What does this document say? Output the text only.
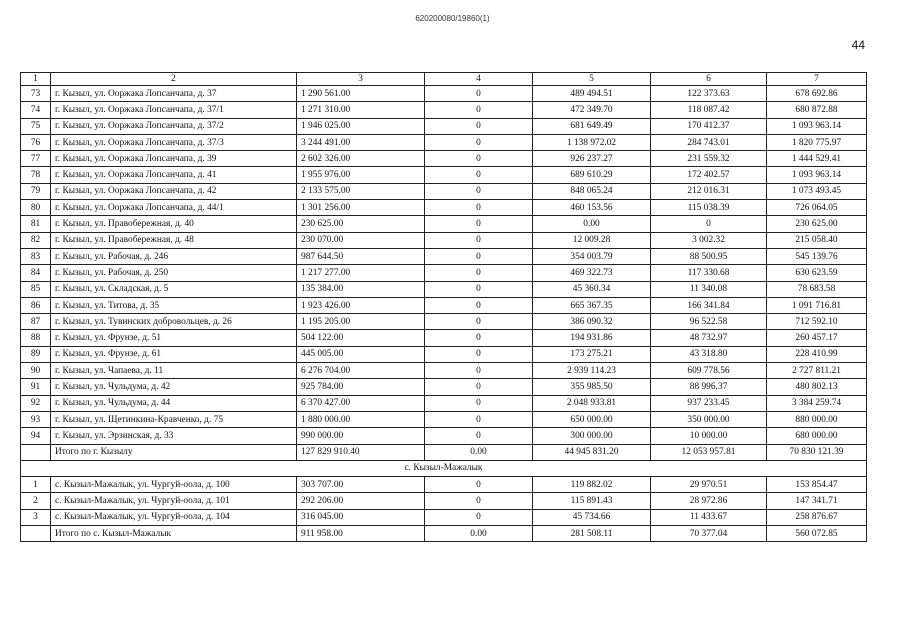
620200080/19860(1)
44
1	2	3	4	5	6	7
73	г. Кызыл, ул. Ооржака Лопсанчапа, д. 37	1 290 561.00	0	489 494.51	122 373.63	678 692.86
74	г. Кызыл, ул. Ооржака Лопсанчапа, д. 37/1	1 271 310.00	0	472 349.70	118 087.42	680 872.88
75	г. Кызыл, ул. Ооржака Лопсанчапа, д. 37/2	1 946 025.00	0	681 649.49	170 412.37	1 093 963.14
76	г. Кызыл, ул. Ооржака Лопсанчапа, д. 37/3	3 244 491.00	0	1 138 972.02	284 743.01	1 820 775.97
77	г. Кызыл, ул. Ооржака Лопсанчапа, д. 39	2 602 326.00	0	926 237.27	231 559.32	1 444 529.41
78	г. Кызыл, ул. Ооржака Лопсанчапа, д. 41	1 955 976.00	0	689 610.29	172 402.57	1 093 963.14
79	г. Кызыл, ул. Ооржака Лопсанчапа, д. 42	2 133 575.00	0	848 065.24	212 016.31	1 073 493.45
80	г. Кызыл, ул. Ооржака Лопсанчапа, д. 44/1	1 301 256.00	0	460 153.56	115 038.39	726 064.05
81	г. Кызыл, ул. Правобережная, д. 40	230 625.00	0	0.00	0	230 625.00
82	г. Кызыл, ул. Правобережная, д. 48	230 070.00	0	12 009.28	3 002.32	215 058.40
83	г. Кызыл, ул. Рабочая, д. 246	987 644.50	0	354 003.79	88 500.95	545 139.76
84	г. Кызыл, ул. Рабочая, д. 250	1 217 277.00	0	469 322.73	117 330.68	630 623.59
85	г. Кызыл, ул. Складская, д. 5	135 384.00	0	45 360.34	11 340.08	78 683.58
86	г. Кызыл, ул. Титова, д. 35	1 923 426.00	0	665 367.35	166 341.84	1 091 716.81
87	г. Кызыл, ул. Тувинских добровольцев, д. 26	1 195 205.00	0	386 090.32	96 522.58	712 592.10
88	г. Кызыл, ул. Фрунзе, д. 51	504 122.00	0	194 931.86	48 732.97	260 457.17
89	г. Кызыл, ул. Фрунзе, д. 61	445 005.00	0	173 275.21	43 318.80	228 410.99
90	г. Кызыл, ул. Чапаева, д. 11	6 276 704.00	0	2 939 114.23	609 778.56	2 727 811.21
91	г. Кызыл, ул. Чульдума, д. 42	925 784.00	0	355 985.50	88 996.37	480 802.13
92	г. Кызыл, ул. Чульдума, д. 44	6 370 427.00	0	2 048 933.81	937 233.45	3 384 259.74
93	г. Кызыл, ул. Щетинкина-Кравченко, д. 75	1 880 000.00	0	650 000.00	350 000.00	880 000.00
94	г. Кызыл, ул. Эрзинская, д. 33	990 000.00	0	300 000.00	10 000.00	680 000.00
	Итого по г. Кызылу	127 829 910.40	0.00	44 945 831.20	12 053 957.81	70 830 121.39
с. Кызыл-Мажалык						
1	с. Кызыл-Мажалык, ул. Чургуй-оола, д. 100	303 707.00	0	119 882.02	29 970.51	153 854.47
2	с. Кызыл-Мажалык, ул. Чургуй-оола, д. 101	292 206.00	0	115 891.43	28 972.86	147 341.71
3	с. Кызыл-Мажалык, ул. Чургуй-оола, д. 104	316 045.00	0	45 734.66	11 433.67	258 876.67
	Итого по с. Кызыл-Мажалык	911 958.00	0.00	281 508.11	70 377.04	560 072.85
